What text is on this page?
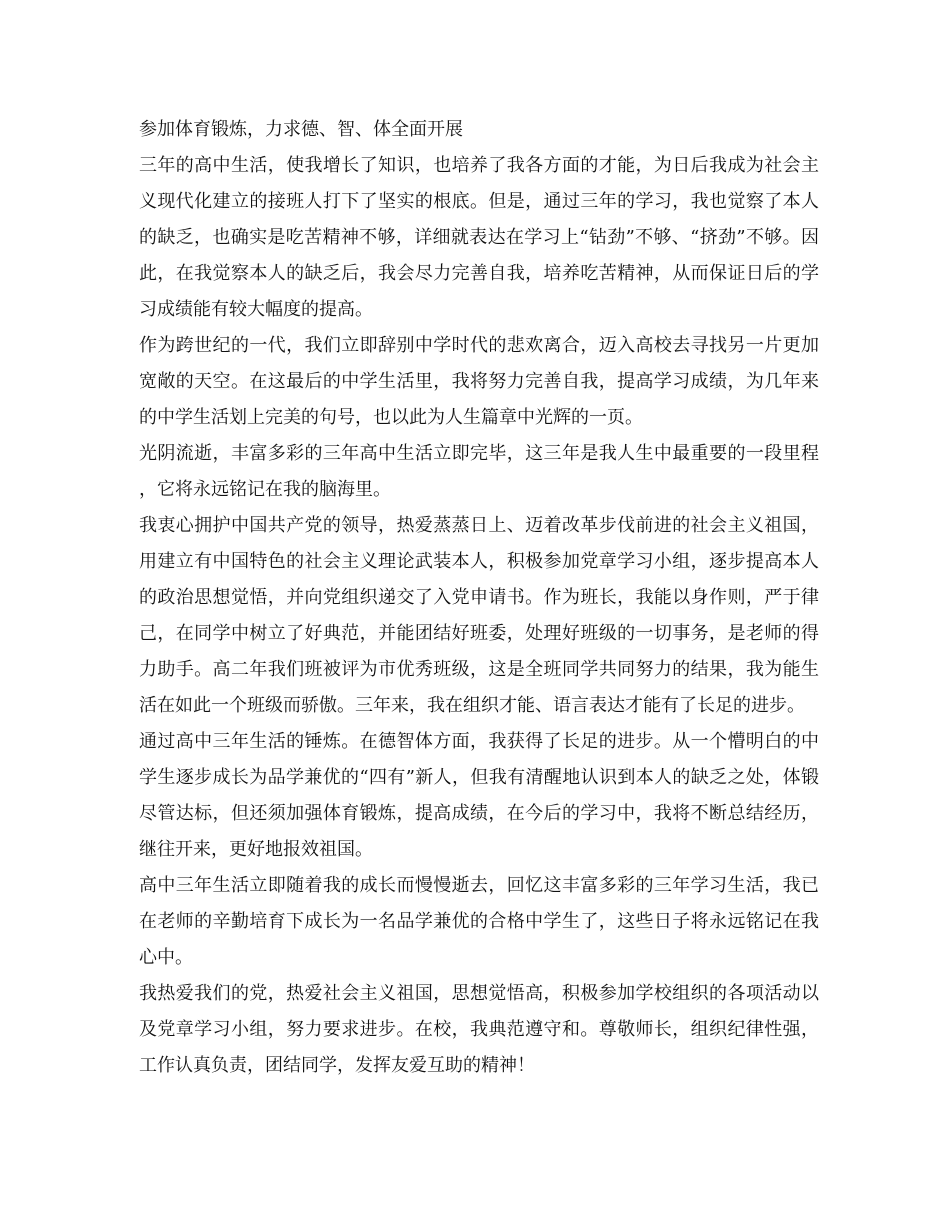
参加体育锻炼，力求德、智、体全面开展

三年的高中生活，使我增长了知识，也培养了我各方面的才能，为日后我成为社会主义现代化建立的接班人打下了坚实的根底。但是，通过三年的学习，我也觉察了本人的缺乏，也确实是吃苦精神不够，详细就表达在学习上“钻劲”不够、“挤劲”不够。因此，在我觉察本人的缺乏后，我会尽力完善自我，培养吃苦精神，从而保证日后的学习成绩能有较大幅度的提高。

作为跨世纪的一代，我们立即辞别中学时代的悲欢离合，迈入高校去寻找另一片更加宽敞的天空。在这最后的中学生活里，我将努力完善自我，提高学习成绩，为几年来的中学生活划上完美的句号，也以此为人生篇章中光辉的一页。

光阴流逝，丰富多彩的三年高中生活立即完毕，这三年是我人生中最重要的一段里程，它将永远铭记在我的脑海里。

我衷心拥护中国共产党的领导，热爱蒸蒸日上、迈着改革步伐前进的社会主义祖国，用建立有中国特色的社会主义理论武装本人，积极参加党章学习小组，逐步提高本人的政治思想觉悟，并向党组织递交了入党申请书。作为班长，我能以身作则，严于律己，在同学中树立了好典范，并能团结好班委，处理好班级的一切事务，是老师的得力助手。高二年我们班被评为市优秀班级，这是全班同学共同努力的结果，我为能生活在如此一个班级而骄傲。三年来，我在组织才能、语言表达才能有了长足的进步。

通过高中三年生活的锤炼。在德智体方面，我获得了长足的进步。从一个懵明白的中学生逐步成长为品学兼优的“四有”新人，但我有清醒地认识到本人的缺乏之处，体锻尽管达标，但还须加强体育锻炼，提高成绩，在今后的学习中，我将不断总结经历，继往开来，更好地报效祖国。

高中三年生活立即随着我的成长而慢慢逝去，回忆这丰富多彩的三年学习生活，我已在老师的辛勤培育下成长为一名品学兼优的合格中学生了，这些日子将永远铭记在我心中。

我热爱我们的党，热爱社会主义祖国，思想觉悟高，积极参加学校组织的各项活动以及党章学习小组，努力要求进步。在校，我典范遵守和。尊敬师长，组织纪律性强，工作认真负责，团结同学，发挥友爱互助的精神！
